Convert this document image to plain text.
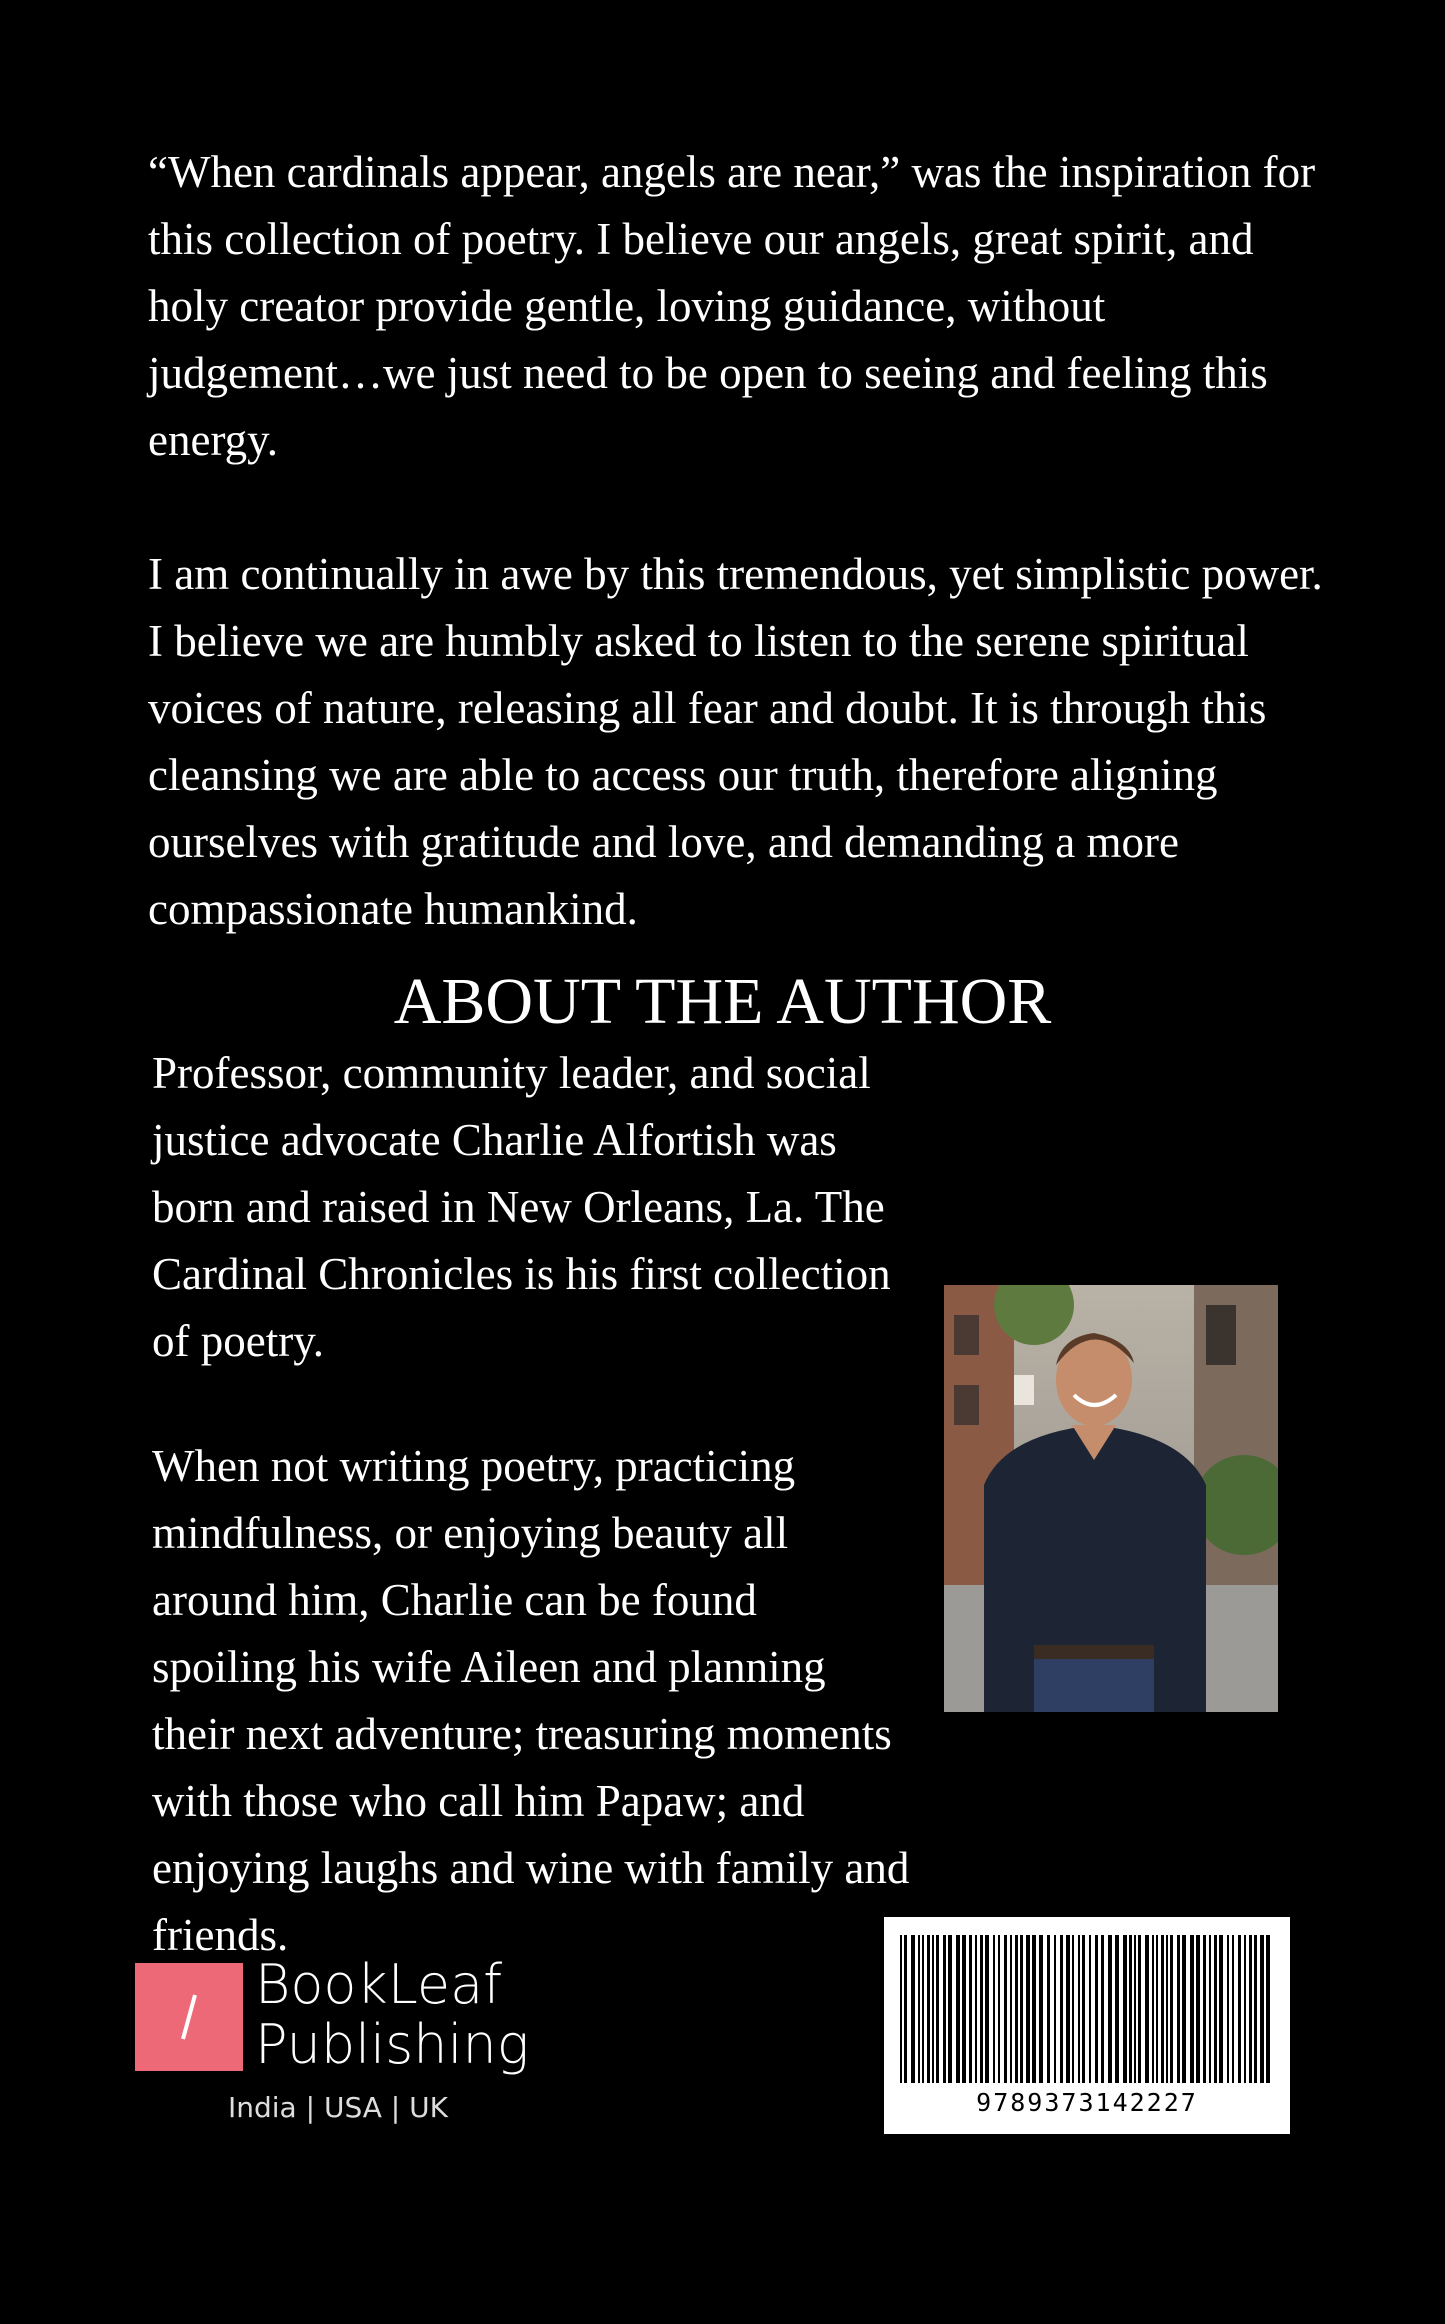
“When cardinals appear, angels are near,” was the inspiration for this collection of poetry. I believe our angels, great spirit, and holy creator provide gentle, loving guidance, without judgement…we just need to be open to seeing and feeling this energy.

I am continually in awe by this tremendous, yet simplistic power. I believe we are humbly asked to listen to the serene spiritual voices of nature, releasing all fear and doubt. It is through this cleansing we are able to access our truth, therefore aligning ourselves with gratitude and love, and demanding a more compassionate humankind.

ABOUT THE AUTHOR

Professor, community leader, and social justice advocate Charlie Alfortish was born and raised in New Orleans, La. The Cardinal Chronicles is his first collection of poetry.

When not writing poetry, practicing mindfulness, or enjoying beauty all around him, Charlie can be found spoiling his wife Aileen and planning their next adventure; treasuring moments with those who call him Papaw; and enjoying laughs and wine with family and friends.

BookLeaf
Publishing
India | USA | UK	9789373142227
